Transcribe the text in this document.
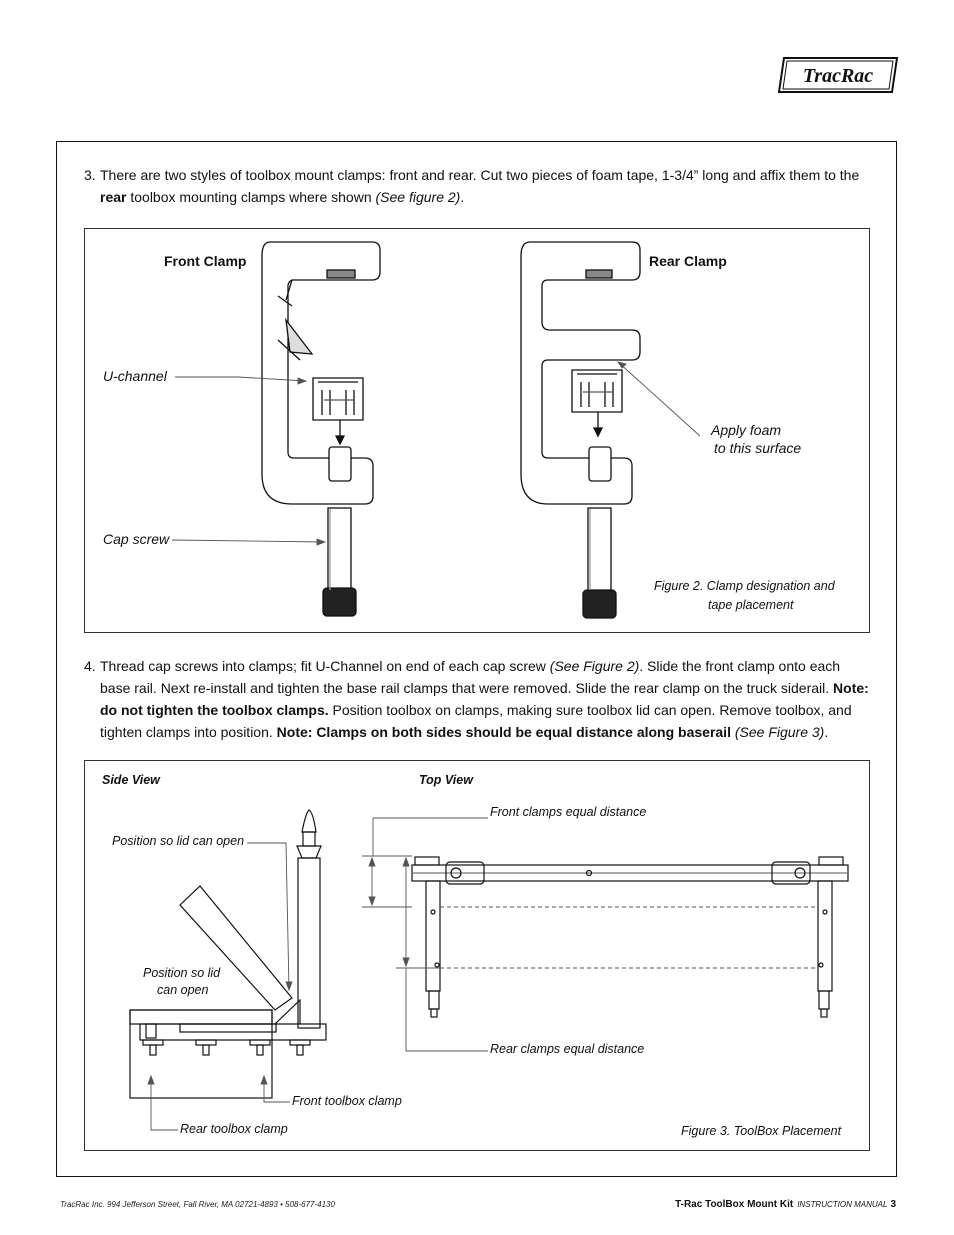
TracRac
3. There are two styles of toolbox mount clamps: front and rear. Cut two pieces of foam tape, 1-3/4” long and affix them to the rear toolbox mounting clamps where shown (See figure 2).
Front Clamp	Rear Clamp
U-channel
Cap screw
Apply foam
to this surface
Figure 2. Clamp designation and
tape placement
4. Thread cap screws into clamps; fit U-Channel on end of each cap screw (See Figure 2). Slide the front clamp onto each base rail. Next re-install and tighten the base rail clamps that were removed. Slide the rear clamp on the truck siderail. Note: do not tighten the toolbox clamps. Position toolbox on clamps, making sure toolbox lid can open. Remove toolbox, and tighten clamps into position. Note: Clamps on both sides should be equal distance along baserail (See Figure 3).
Side View	Top View
Position so lid can open
Position so lid
can open
Front toolbox clamp
Rear toolbox clamp
Front clamps equal distance
Rear clamps equal distance
Figure 3. ToolBox Placement
TracRac Inc. 994 Jefferson Street, Fall River, MA 02721-4893 • 508-677-4130	T-Rac ToolBox Mount Kit INSTRUCTION MANUAL 3
